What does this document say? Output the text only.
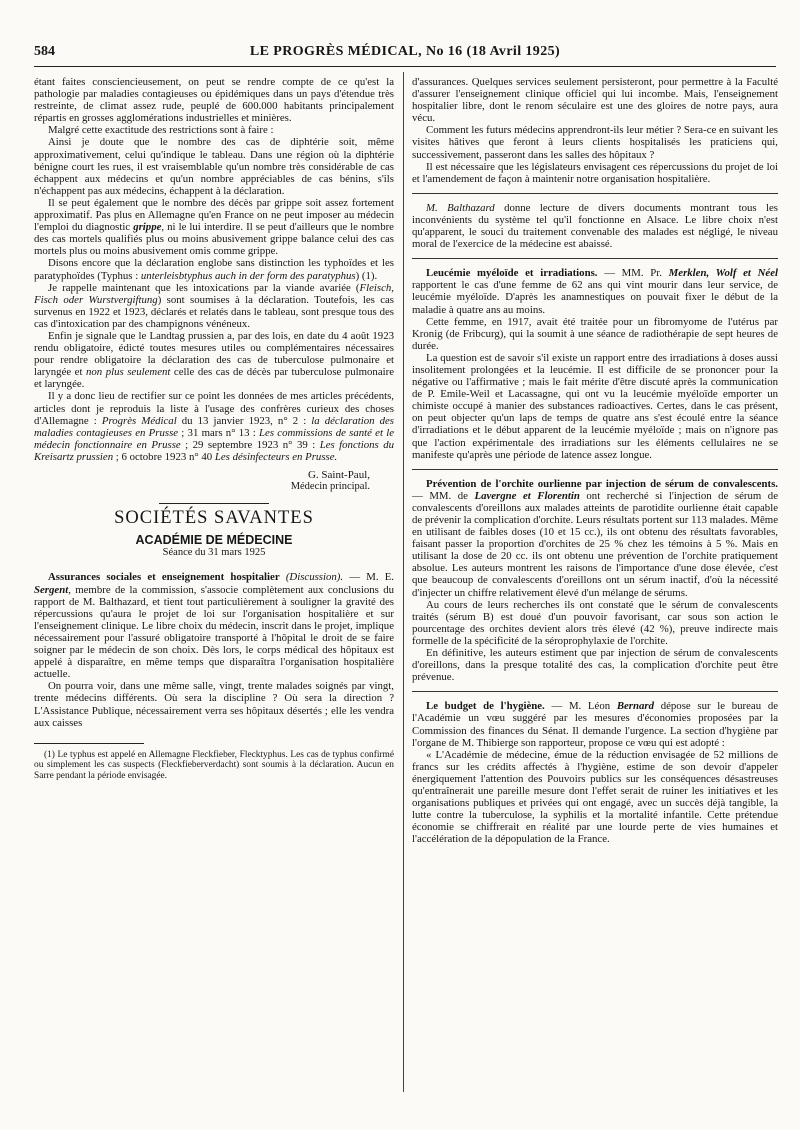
584	LE PROGRÈS MÉDICAL, No 16 (18 Avril 1925)

étant faites consciencieusement, on peut se rendre compte de ce qu'est la pathologie par maladies contagieuses ou épidémiques dans un pays d'étendue très restreinte, de climat assez rude, peuplé de 600.000 habitants principalement répartis en grosses agglomérations industrielles et minières.

Malgré cette exactitude des restrictions sont à faire :

Ainsi je doute que le nombre des cas de diphtérie soit, même approximativement, celui qu'indique le tableau. Dans une région où la diphtérie bénigne court les rues, il est vraisemblable qu'un nombre très considérable de cas échappent aux médecins et qu'un nombre appréciables de cas bénins, s'ils n'échappent pas aux médecins, échappent à la déclaration.

Il se peut également que le nombre des décès par grippe soit assez fortement approximatif. Pas plus en Allemagne qu'en France on ne peut imposer au médecin l'emploi du diagnostic grippe, ni le lui interdire. Il se peut d'ailleurs que le nombre des cas mortels qualifiés plus ou moins abusivement grippe balance celui des cas mortels plus ou moins abusivement omis comme grippe.

Disons encore que la déclaration englobe sans distinction les typhoïdes et les paratyphoïdes (Typhus : unterleisbtyphus auch in der form des paratyphus) (1).

Je rappelle maintenant que les intoxications par la viande avariée (Fleisch, Fisch oder Wurstvergiftung) sont soumises à la déclaration. Toutefois, les cas survenus en 1922 et 1923, déclarés et relatés dans le tableau, sont presque tous des cas d'intoxication par des champignons vénéneux.

Enfin je signale que le Landtag prussien a, par des lois, en date du 4 août 1923 rendu obligatoire, édicté toutes mesures utiles ou complémentaires nécessaires pour rendre obligatoire la déclaration des cas de tuberculose pulmonaire et laryngée et non plus seulement celle des cas de décès par tuberculose pulmonaire et laryngée.

Il y a donc lieu de rectifier sur ce point les données de mes articles précédents, articles dont je reproduis la liste à l'usage des confrères curieux des choses d'Allemagne : Progrès Médical du 13 janvier 1923, n° 2 : la déclaration des maladies contagieuses en Prusse ; 31 mars n° 13 : Les commissions de santé et le médecin fonctionnaire en Prusse ; 29 septembre 1923 n° 39 : Les fonctions du Kreisartz prussien ; 6 octobre 1923 n° 40 Les désinfecteurs en Prusse.

G. Saint-Paul,
Médecin principal.
SOCIÉTÉS SAVANTES
ACADÉMIE DE MÉDECINE
Séance du 31 mars 1925

Assurances sociales et enseignement hospitalier (Discussion). — M. E. Sergent, membre de la commission, s'associe complètement aux conclusions du rapport de M. Balthazard, et tient tout particulièrement à souligner la gravité des répercussions qu'aura le projet de loi sur l'organisation hospitalière et sur l'enseignement clinique. Le libre choix du médecin, inscrit dans le projet, implique nécessairement pour l'assuré obligatoire transporté à l'hôpital le droit de se faire soigner par le médecin de son choix. Dès lors, le corps médical des hôpitaux est appelé à disparaître, en même temps que disparaîtra l'organisation hospitalière actuelle.

On pourra voir, dans une même salle, vingt, trente malades soignés par vingt, trente médecins différents. Où sera la discipline ? Où sera la direction ? L'Assistance Publique, nécessairement verra ses hôpitaux désertés ; elle les vendra aux caisses

(1) Le typhus est appelé en Allemagne Fleckfieber, Flecktyphus. Les cas de typhus confirmé ou simplement les cas suspects (Fleckfieberverdacht) sont soumis à la déclaration. Aucun en Sarre pendant la période envisagée.

d'assurances. Quelques services seulement persisteront, pour permettre à la Faculté d'assurer l'enseignement clinique officiel qui lui incombe. Mais, l'enseignement hospitalier libre, dont le renom séculaire est une des gloires de notre pays, aura vécu.

Comment les futurs médecins apprendront-ils leur métier ? Sera-ce en suivant les visites hâtives que feront à leurs clients hospitalisés les praticiens qui, successivement, passeront dans les salles des hôpitaux ?

Il est nécessaire que les législateurs envisagent ces répercussions du projet de loi et l'amendement de façon à maintenir notre organisation hospitalière.

M. Balthazard donne lecture de divers documents montrant tous les inconvénients du système tel qu'il fonctionne en Alsace. Le libre choix n'est qu'apparent, le souci du traitement convenable des malades est négligé, le niveau moral de l'exercice de la médecine est abaissé.

Leucémie myéloïde et irradiations. — MM. Pr. Merklen, Wolf et Néel rapportent le cas d'une femme de 62 ans qui vint mourir dans leur service, de leucémie myéloïde. D'après les anamnestiques on pouvait fixer le début de la maladie à quatre ans au moins.

Cette femme, en 1917, avait été traitée pour un fibromyome de l'utérus par Kronig (de Fribcurg), qui la soumit à une séance de radiothérapie de sept heures de durée.

La question est de savoir s'il existe un rapport entre des irradiations à doses aussi insolitement prolongées et la leucémie. Il est difficile de se prononcer pour la négative ou l'affirmative ; mais le fait mérite d'être discuté après la communication de P. Emile-Weil et Lacassagne, qui ont vu la leucémie myéloïde emporter un chimiste occupé à manier des substances radioactives. Certes, dans le cas présent, on peut objecter qu'un laps de temps de quatre ans s'est écoulé entre la séance d'irradiations et le début apparent de la leucémie myéloïde ; mais on n'ignore pas que l'action expérimentale des irradiations sur les éléments cellulaires ne se manifeste qu'après une période de latence assez longue.

Prévention de l'orchite ourlienne par injection de sérum de convalescents. — MM. de Lavergne et Florentin ont recherché si l'injection de sérum de convalescents d'oreillons aux malades atteints de parotidite ourlienne était capable de prévenir la complication d'orchite. Leurs résultats portent sur 113 malades. Même en utilisant de faibles doses (10 et 15 cc.), ils ont obtenu des résultats favorables, faisant passer la proportion d'orchites de 25 % chez les témoins à 5 %. Mais en utilisant la dose de 20 cc. ils ont obtenu une prévention de l'orchite pratiquement absolue. Les auteurs montrent les raisons de l'importance d'une dose élevée, c'est que beaucoup de convalescents d'oreillons ont un sérum inactif, d'où la nécessité d'injecter un chiffre relativement élevé d'un mélange de sérums.

Au cours de leurs recherches ils ont constaté que le sérum de convalescents traités (sérum B) est doué d'un pouvoir favorisant, car sous son action le pourcentage des orchites devient alors très élevé (42 %), preuve indirecte mais formelle de la spécificité de la séroprophylaxie de l'orchite.

En définitive, les auteurs estiment que par injection de sérum de convalescents d'oreillons, dans la presque totalité des cas, la complication d'orchite peut être prévenue.

Le budget de l'hygiène. — M. Léon Bernard dépose sur le bureau de l'Académie un vœu suggéré par les mesures d'économies proposées par la Commission des finances du Sénat. Il demande l'urgence. La section d'hygiène par l'organe de M. Thibierge son rapporteur, propose ce vœu qui est adopté :

« L'Académie de médecine, émue de la réduction envisagée de 52 millions de francs sur les crédits affectés à l'hygiène, estime de son devoir d'appeler énergiquement l'attention des Pouvoirs publics sur les conséquences désastreuses qu'entraînerait une pareille mesure dont l'effet serait de ruiner les initiatives et les organisations publiques et privées qui ont engagé, avec un succès déjà tangible, la lutte contre la tuberculose, la syphilis et la mortalité infantile. Cette prétendue économie se chiffrerait en réalité par une lourde perte de vies humaines et l'accélération de la dépopulation de la France.
